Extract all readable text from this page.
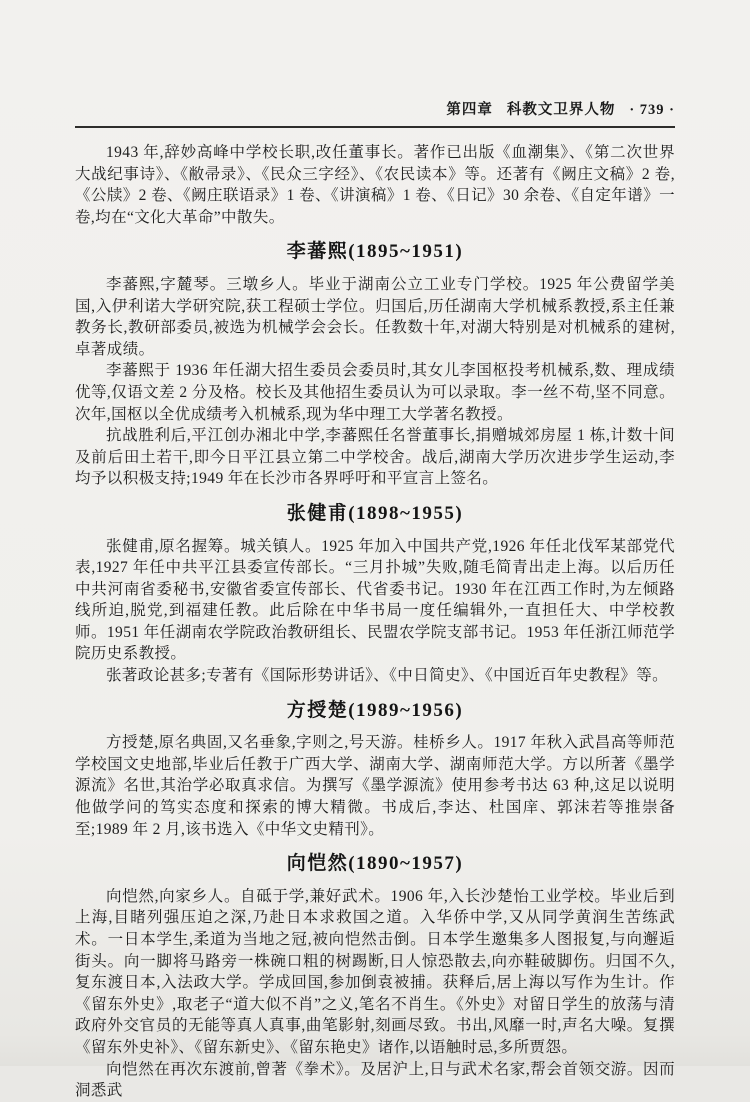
第四章 科教文卫界人物 · 739 ·

1943 年,辞妙高峰中学校长职,改任董事长。著作已出版《血潮集》、《第二次世界大战纪事诗》、《敝帚录》、《民众三字经》、《农民读本》等。还著有《阙庄文稿》2 卷,《公牍》2 卷、《阙庄联语录》1 卷、《讲演稿》1 卷、《日记》30 余卷、《自定年谱》一卷,均在“文化大革命”中散失。

李蕃熙(1895~1951)

李蕃熙,字麓琴。三墩乡人。毕业于湖南公立工业专门学校。1925 年公费留学美国,入伊利诺大学研究院,获工程硕士学位。归国后,历任湖南大学机械系教授,系主任兼教务长,教研部委员,被选为机械学会会长。任教数十年,对湖大特别是对机械系的建树,卓著成绩。

李蕃熙于 1936 年任湖大招生委员会委员时,其女儿李国枢投考机械系,数、理成绩优等,仅语文差 2 分及格。校长及其他招生委员认为可以录取。李一丝不苟,坚不同意。次年,国枢以全优成绩考入机械系,现为华中理工大学著名教授。

抗战胜利后,平江创办湘北中学,李蕃熙任名誉董事长,捐赠城郊房屋 1 栋,计数十间及前后田土若干,即今日平江县立第二中学校舍。战后,湖南大学历次进步学生运动,李均予以积极支持;1949 年在长沙市各界呼吁和平宣言上签名。

张健甫(1898~1955)

张健甫,原名握筹。城关镇人。1925 年加入中国共产党,1926 年任北伐军某部党代表,1927 年任中共平江县委宣传部长。“三月扑城”失败,随毛简青出走上海。以后历任中共河南省委秘书,安徽省委宣传部长、代省委书记。1930 年在江西工作时,为左倾路线所迫,脱党,到福建任教。此后除在中华书局一度任编辑外,一直担任大、中学校教师。1951 年任湖南农学院政治教研组长、民盟农学院支部书记。1953 年任浙江师范学院历史系教授。

张著政论甚多;专著有《国际形势讲话》、《中日简史》、《中国近百年史教程》等。

方授楚(1989~1956)

方授楚,原名典固,又名垂象,字则之,号天游。桂桥乡人。1917 年秋入武昌高等师范学校国文史地部,毕业后任教于广西大学、湖南大学、湖南师范大学。方以所著《墨学源流》名世,其治学必取真求信。为撰写《墨学源流》使用参考书达 63 种,这足以说明他做学问的笃实态度和探索的博大精微。书成后,李达、杜国庠、郭沫若等推崇备至;1989 年 2 月,该书选入《中华文史精刊》。

向恺然(1890~1957)

向恺然,向家乡人。自砥于学,兼好武术。1906 年,入长沙楚怡工业学校。毕业后到上海,目睹列强压迫之深,乃赴日本求救国之道。入华侨中学,又从同学黄润生苦练武术。一日本学生,柔道为当地之冠,被向恺然击倒。日本学生邀集多人图报复,与向邂逅街头。向一脚将马路旁一株碗口粗的树踢断,日人惊恐散去,向亦鞋破脚伤。归国不久,复东渡日本,入法政大学。学成回国,参加倒袁被捕。获释后,居上海以写作为生计。作《留东外史》,取老子“道大似不肖”之义,笔名不肖生。《外史》对留日学生的放荡与清政府外交官员的无能等真人真事,曲笔影射,刻画尽致。书出,风靡一时,声名大噪。复撰《留东外史补》、《留东新史》、《留东艳史》诸作,以语触时忌,多所贾怨。

向恺然在再次东渡前,曾著《拳术》。及居沪上,日与武术名家,帮会首领交游。因而洞悉武
